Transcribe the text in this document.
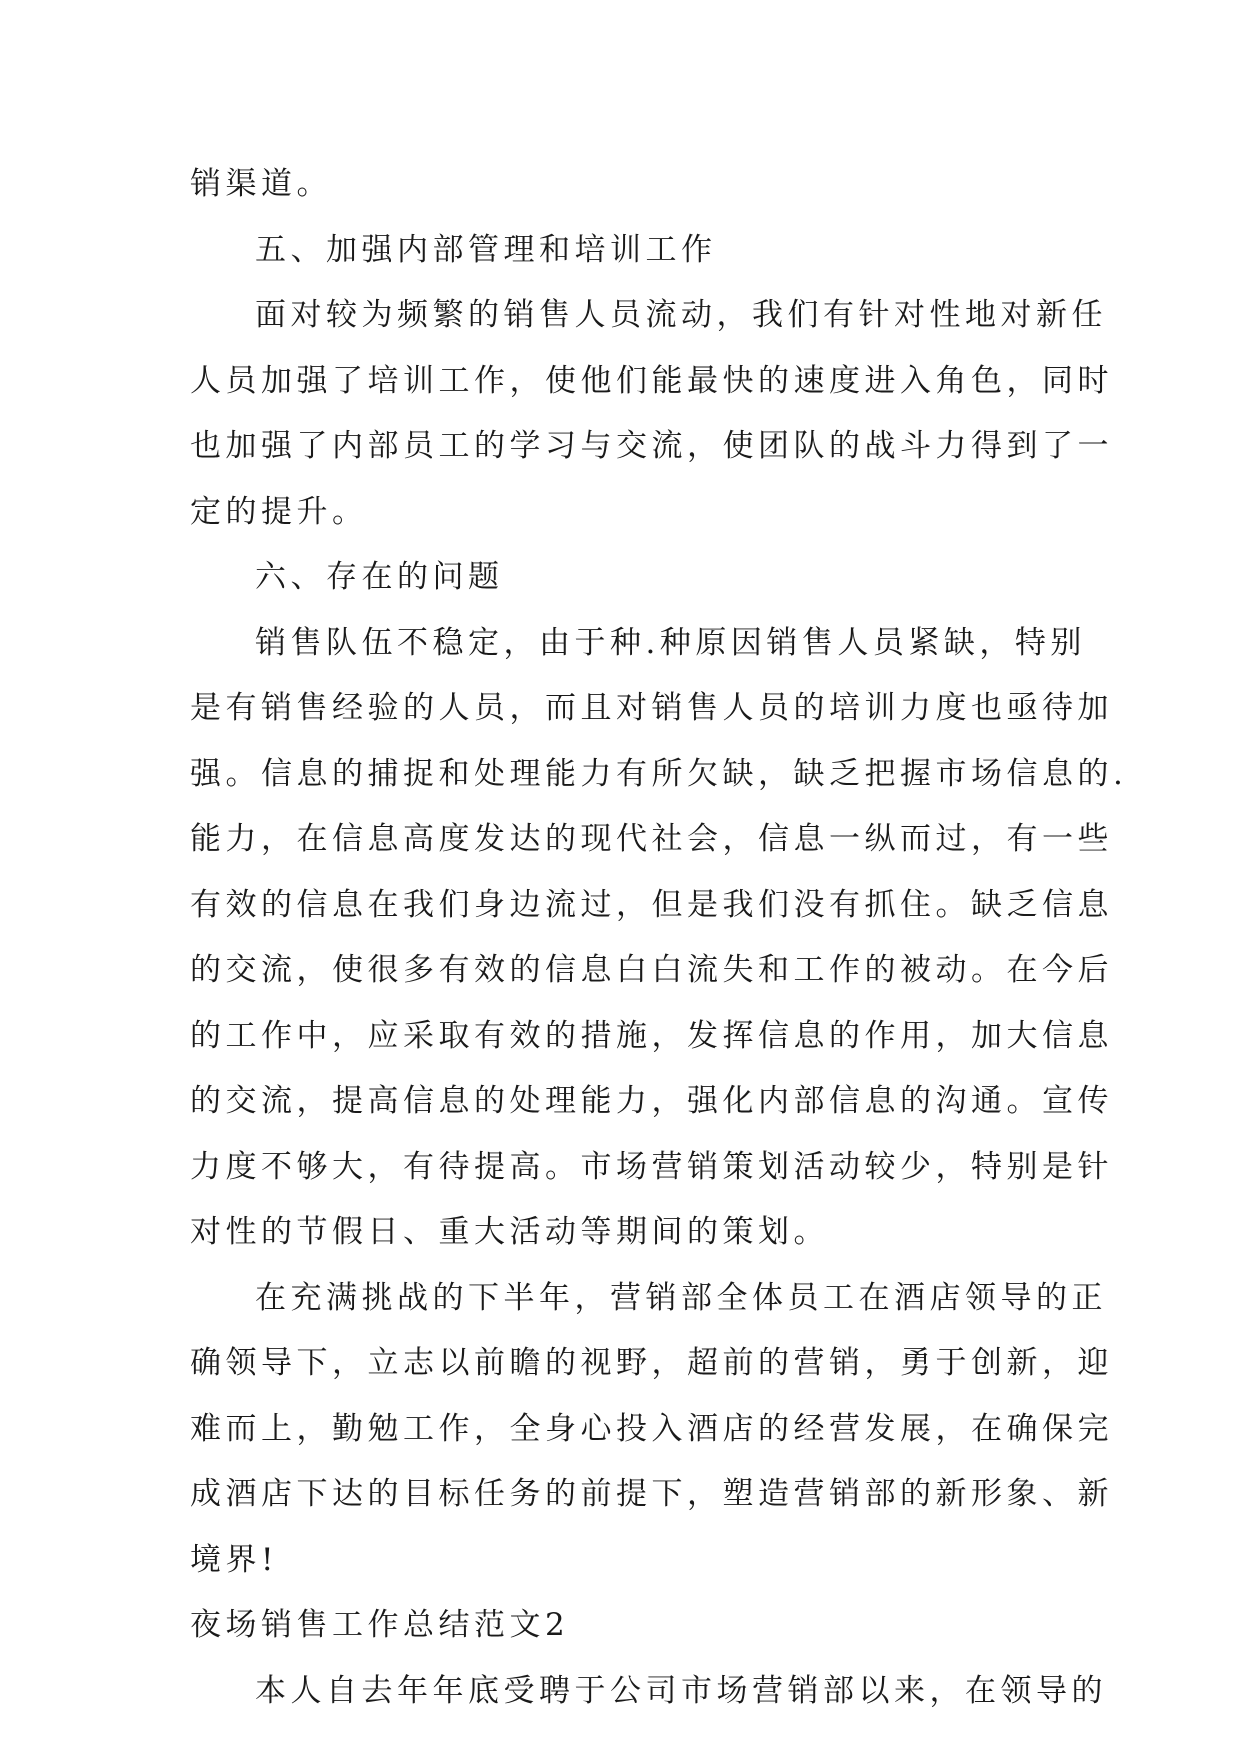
销渠道。
五、加强内部管理和培训工作
面对较为频繁的销售人员流动，我们有针对性地对新任
人员加强了培训工作，使他们能最快的速度进入角色，同时
也加强了内部员工的学习与交流，使团队的战斗力得到了一
定的提升。
六、存在的问题
销售队伍不稳定，由于种.种原因销售人员紧缺，特别
是有销售经验的人员，而且对销售人员的培训力度也亟待加
强。信息的捕捉和处理能力有所欠缺，缺乏把握市场信息的.
能力，在信息高度发达的现代社会，信息一纵而过，有一些
有效的信息在我们身边流过，但是我们没有抓住。缺乏信息
的交流，使很多有效的信息白白流失和工作的被动。在今后
的工作中，应采取有效的措施，发挥信息的作用，加大信息
的交流，提高信息的处理能力，强化内部信息的沟通。宣传
力度不够大，有待提高。市场营销策划活动较少，特别是针
对性的节假日、重大活动等期间的策划。
在充满挑战的下半年，营销部全体员工在酒店领导的正
确领导下，立志以前瞻的视野，超前的营销，勇于创新，迎
难而上，勤勉工作，全身心投入酒店的经营发展，在确保完
成酒店下达的目标任务的前提下，塑造营销部的新形象、新
境界!
夜场销售工作总结范文2
本人自去年年底受聘于公司市场营销部以来，在领导的
